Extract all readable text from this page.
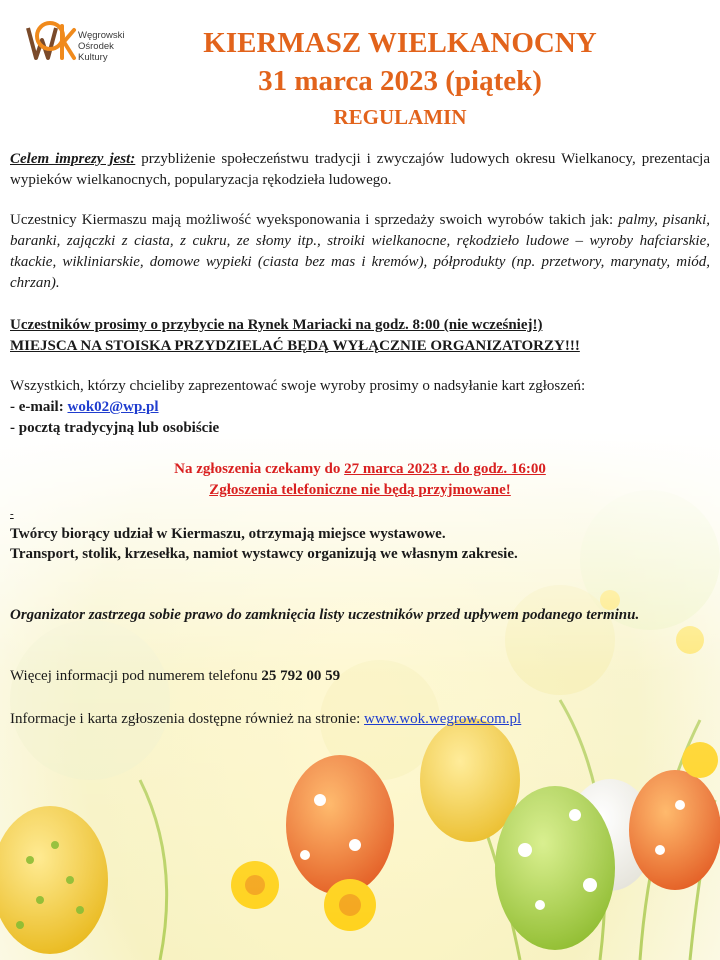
Węgrowski
Ośrodek
Kultury	KIERMASZ WIELKANOCNY
31 marca 2023 (piątek)
REGULAMIN

Celem imprezy jest: przybliżenie społeczeństwu tradycji i zwyczajów ludowych okresu Wielkanocy, prezentacja wypieków wielkanocnych, popularyzacja rękodzieła ludowego.

Uczestnicy Kiermaszu mają możliwość wyeksponowania i sprzedaży swoich wyrobów takich jak: palmy, pisanki, baranki, zajączki z ciasta, z cukru, ze słomy itp., stroiki wielkanocne, rękodzieło ludowe – wyroby hafciarskie, tkackie, wikliniarskie, domowe wypieki (ciasta bez mas i kremów), półprodukty (np. przetwory, marynaty, miód, chrzan).

Uczestników prosimy o przybycie na Rynek Mariacki na godz. 8:00 (nie wcześniej!)
MIEJSCA NA STOISKA PRZYDZIELAĆ BĘDĄ WYŁĄCZNIE ORGANIZATORZY!!!

Wszystkich, którzy chcieliby zaprezentować swoje wyroby prosimy o nadsyłanie kart zgłoszeń:
- e-mail: wok02@wp.pl
- pocztą tradycyjną lub osobiście

Na zgłoszenia czekamy do 27 marca 2023 r. do godz. 16:00
Zgłoszenia telefoniczne nie będą przyjmowane!

-
Twórcy biorący udział w Kiermaszu, otrzymają miejsce wystawowe.
Transport, stolik, krzesełka, namiot wystawcy organizują we własnym zakresie.

Organizator zastrzega sobie prawo do zamknięcia listy uczestników przed upływem podanego terminu.

Więcej informacji pod numerem telefonu 25 792 00 59

Informacje i karta zgłoszenia dostępne również na stronie: www.wok.wegrow.com.pl
